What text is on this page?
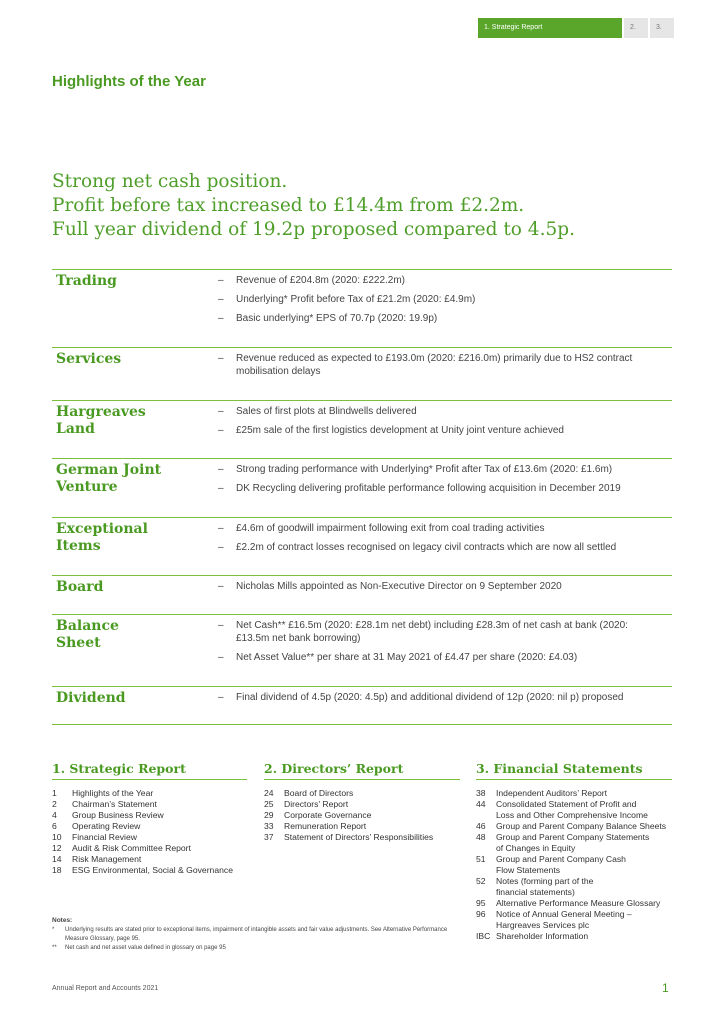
1. Strategic Report	2.	3.
Highlights of the Year
Strong net cash position.
Profit before tax increased to £14.4m from £2.2m.
Full year dividend of 19.2p proposed compared to 4.5p.
Trading	– Revenue of £204.8m (2020: £222.2m)
– Underlying* Profit before Tax of £21.2m (2020: £4.9m)
– Basic underlying* EPS of 70.7p (2020: 19.9p)
Services	– Revenue reduced as expected to £193.0m (2020: £216.0m) primarily due to HS2 contract mobilisation delays
Hargreaves Land
– Sales of first plots at Blindwells delivered
– £25m sale of the first logistics development at Unity joint venture achieved
German Joint Venture
– Strong trading performance with Underlying* Profit after Tax of £13.6m (2020: £1.6m)
– DK Recycling delivering profitable performance following acquisition in December 2019
Exceptional Items
– £4.6m of goodwill impairment following exit from coal trading activities
– £2.2m of contract losses recognised on legacy civil contracts which are now all settled
Board	– Nicholas Mills appointed as Non-Executive Director on 9 September 2020
Balance Sheet
– Net Cash** £16.5m (2020: £28.1m net debt) including £28.3m of net cash at bank (2020: £13.5m net bank borrowing)
– Net Asset Value** per share at 31 May 2021 of £4.47 per share (2020: £4.03)
Dividend	– Final dividend of 4.5p (2020: 4.5p) and additional dividend of 12p (2020: nil p) proposed
1. Strategic Report
1 Highlights of the Year
2 Chairman’s Statement
4 Group Business Review
6 Operating Review
10 Financial Review
12 Audit & Risk Committee Report
14 Risk Management
18 ESG Environmental, Social & Governance
2. Directors’ Report
24 Board of Directors
25 Directors’ Report
29 Corporate Governance
33 Remuneration Report
37 Statement of Directors’ Responsibilities
3. Financial Statements
38 Independent Auditors’ Report
44 Consolidated Statement of Profit and Loss and Other Comprehensive Income
46 Group and Parent Company Balance Sheets
48 Group and Parent Company Statements of Changes in Equity
51 Group and Parent Company Cash Flow Statements
52 Notes (forming part of the financial statements)
95 Alternative Performance Measure Glossary
96 Notice of Annual General Meeting – Hargreaves Services plc
IBC Shareholder Information
Notes:
* Underlying results are stated prior to exceptional items, impairment of intangible assets and fair value adjustments. See Alternative Performance Measure Glossary, page 95.
** Net cash and net asset value defined in glossary on page 95
Annual Report and Accounts 2021	1
